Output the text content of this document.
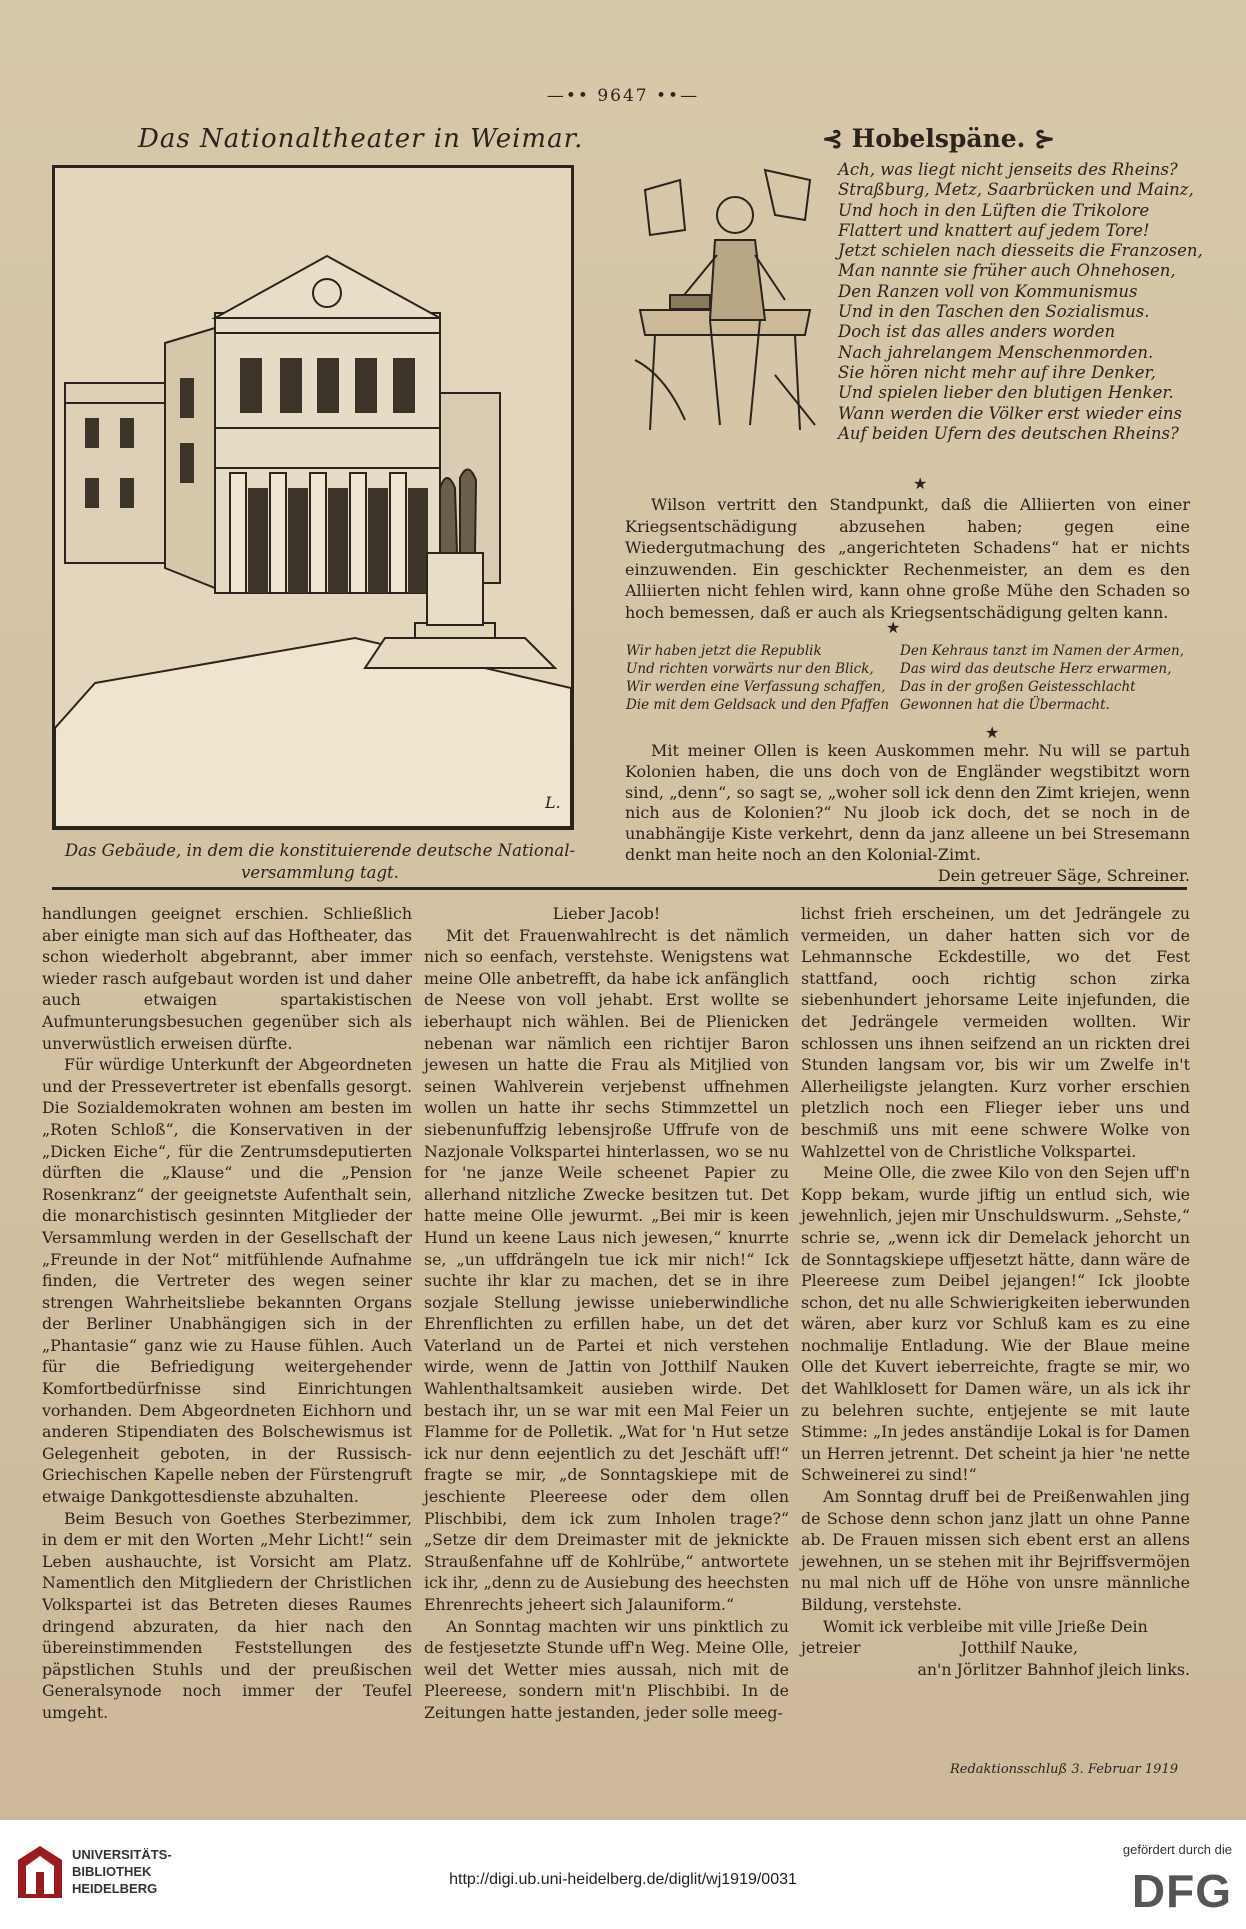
—•• 9647 ••—
Das Nationaltheater in Weimar.	⊰ Hobelspäne. ⊱
L.
Das Gebäude, in dem die konstituierende deutsche National-
versammlung tagt.
Ach, was liegt nicht jenseits des Rheins?
Straßburg, Metz, Saarbrücken und Mainz,
Und hoch in den Lüften die Trikolore
Flattert und knattert auf jedem Tore!
Jetzt schielen nach diesseits die Franzosen,
Man nannte sie früher auch Ohnehosen,
Den Ranzen voll von Kommunismus
Und in den Taschen den Sozialismus.
Doch ist das alles anders worden
Nach jahrelangem Menschenmorden.
Sie hören nicht mehr auf ihre Denker,
Und spielen lieber den blutigen Henker.
Wann werden die Völker erst wieder eins
Auf beiden Ufern des deutschen Rheins?
★

Wilson vertritt den Standpunkt, daß die Alliierten von einer Kriegsentschädigung abzusehen haben; gegen eine Wiedergutmachung des „angerichteten Schadens“ hat er nichts einzuwenden. Ein geschickter Rechenmeister, an dem es den Alliierten nicht fehlen wird, kann ohne große Mühe den Schaden so hoch bemessen, daß er auch als Kriegsentschädigung gelten kann.

★
Wir haben jetzt die Republik
Und richten vorwärts nur den Blick,
Wir werden eine Verfassung schaffen,
Die mit dem Geldsack und den Pfaffen
Den Kehraus tanzt im Namen der Armen,
Das wird das deutsche Herz erwarmen,
Das in der großen Geistesschlacht
Gewonnen hat die Übermacht.
★

Mit meiner Ollen is keen Auskommen mehr. Nu will se partuh Kolonien haben, die uns doch von de Engländer wegstibitzt worn sind, „denn“, so sagt se, „woher soll ick denn den Zimt kriejen, wenn nich aus de Kolonien?“ Nu jloob ick doch, det se noch in de unabhängije Kiste verkehrt, denn da janz alleene un bei Stresemann denkt man heite noch an den Kolonial-Zimt.

Dein getreuer Säge, Schreiner.

handlungen geeignet erschien. Schließlich aber einigte man sich auf das Hoftheater, das schon wiederholt abgebrannt, aber immer wieder rasch aufgebaut worden ist und daher auch etwaigen spartakistischen Aufmunterungsbesuchen gegenüber sich als unverwüstlich erweisen dürfte.

Für würdige Unterkunft der Abgeordneten und der Pressevertreter ist ebenfalls gesorgt. Die Sozialdemokraten wohnen am besten im „Roten Schloß“, die Konservativen in der „Dicken Eiche“, für die Zentrumsdeputierten dürften die „Klause“ und die „Pension Rosenkranz“ der geeignetste Aufenthalt sein, die monarchistisch gesinnten Mitglieder der Versammlung werden in der Gesellschaft der „Freunde in der Not“ mitfühlende Aufnahme finden, die Vertreter des wegen seiner strengen Wahrheitsliebe bekannten Organs der Berliner Unabhängigen sich in der „Phantasie“ ganz wie zu Hause fühlen. Auch für die Befriedigung weitergehender Komfortbedürfnisse sind Einrichtungen vorhanden. Dem Abgeordneten Eichhorn und anderen Stipendiaten des Bolschewismus ist Gelegenheit geboten, in der Russisch-Griechischen Kapelle neben der Fürstengruft etwaige Dankgottesdienste abzuhalten.

Beim Besuch von Goethes Sterbezimmer, in dem er mit den Worten „Mehr Licht!“ sein Leben aushauchte, ist Vorsicht am Platz. Namentlich den Mitgliedern der Christlichen Volkspartei ist das Betreten dieses Raumes dringend abzuraten, da hier nach den übereinstimmenden Feststellungen des päpstlichen Stuhls und der preußischen Generalsynode noch immer der Teufel umgeht.

Lieber Jacob!

Mit det Frauenwahlrecht is det nämlich nich so eenfach, verstehste. Wenigstens wat meine Olle anbetrefft, da habe ick anfänglich de Neese von voll jehabt. Erst wollte se ieberhaupt nich wählen. Bei de Plienicken nebenan war nämlich een richtijer Baron jewesen un hatte die Frau als Mitjlied von seinen Wahlverein verjebenst uffnehmen wollen un hatte ihr sechs Stimmzettel un siebenunfuffzig lebensjroße Uffrufe von de Nazjonale Volkspartei hinterlassen, wo se nu for 'ne janze Weile scheenet Papier zu allerhand nitzliche Zwecke besitzen tut. Det hatte meine Olle jewurmt. „Bei mir is keen Hund un keene Laus nich jewesen,“ knurrte se, „un uffdrängeln tue ick mir nich!“ Ick suchte ihr klar zu machen, det se in ihre sozjale Stellung jewisse unieberwindliche Ehrenflichten zu erfillen habe, un det det Vaterland un de Partei et nich verstehen wirde, wenn de Jattin von Jotthilf Nauken Wahlenthaltsamkeit ausieben wirde. Det bestach ihr, un se war mit een Mal Feier un Flamme for de Polletik. „Wat for 'n Hut setze ick nur denn eejentlich zu det Jeschäft uff!“ fragte se mir, „de Sonntagskiepe mit de jeschiente Pleereese oder dem ollen Plischbibi, dem ick zum Inholen trage?“ „Setze dir dem Dreimaster mit de jeknickte Straußenfahne uff de Kohlrübe,“ antwortete ick ihr, „denn zu de Ausiebung des heechsten Ehrenrechts jeheert sich Jalauniform.“

An Sonntag machten wir uns pinktlich zu de festjesetzte Stunde uff'n Weg. Meine Olle, weil det Wetter mies aussah, nich mit de Pleereese, sondern mit'n Plischbibi. In de Zeitungen hatte jestanden, jeder solle meeg-

lichst frieh erscheinen, um det Jedrängele zu vermeiden, un daher hatten sich vor de Lehmannsche Eckdestille, wo det Fest stattfand, ooch richtig schon zirka siebenhundert jehorsame Leite injefunden, die det Jedrängele vermeiden wollten. Wir schlossen uns ihnen seifzend an un rickten drei Stunden langsam vor, bis wir um Zwelfe in't Allerheiligste jelangten. Kurz vorher erschien pletzlich noch een Flieger ieber uns und beschmiß uns mit eene schwere Wolke von Wahlzettel von de Christliche Volkspartei.

Meine Olle, die zwee Kilo von den Sejen uff'n Kopp bekam, wurde jiftig un entlud sich, wie jewehnlich, jejen mir Unschuldswurm. „Sehste,“ schrie se, „wenn ick dir Demelack jehorcht un de Sonntagskiepe uffjesetzt hätte, dann wäre de Pleereese zum Deibel jejangen!“ Ick jloobte schon, det nu alle Schwierigkeiten ieberwunden wären, aber kurz vor Schluß kam es zu eine nochmalije Entladung. Wie der Blaue meine Olle det Kuvert ieberreichte, fragte se mir, wo det Wahlklosett for Damen wäre, un als ick ihr zu belehren suchte, entjejente se mit laute Stimme: „In jedes anständije Lokal is for Damen un Herren jetrennt. Det scheint ja hier 'ne nette Schweinerei zu sind!“

Am Sonntag druff bei de Preißenwahlen jing de Schose denn schon janz jlatt un ohne Panne ab. De Frauen missen sich ebent erst an allens jewehnen, un se stehen mit ihr Bejriffsvermöjen nu mal nich uff de Höhe von unsre männliche Bildung, verstehste.

Womit ick verbleibe mit ville Jrieße Dein

jetreier	Jotthilf Nauke,
an'n Jörlitzer Bahnhof jleich links.
Redaktionsschluß 3. Februar 1919
UNIVERSITÄTS-
BIBLIOTHEK
HEIDELBERG
http://digi.ub.uni-heidelberg.de/diglit/wj1919/0031
gefördert durch die
DFG
